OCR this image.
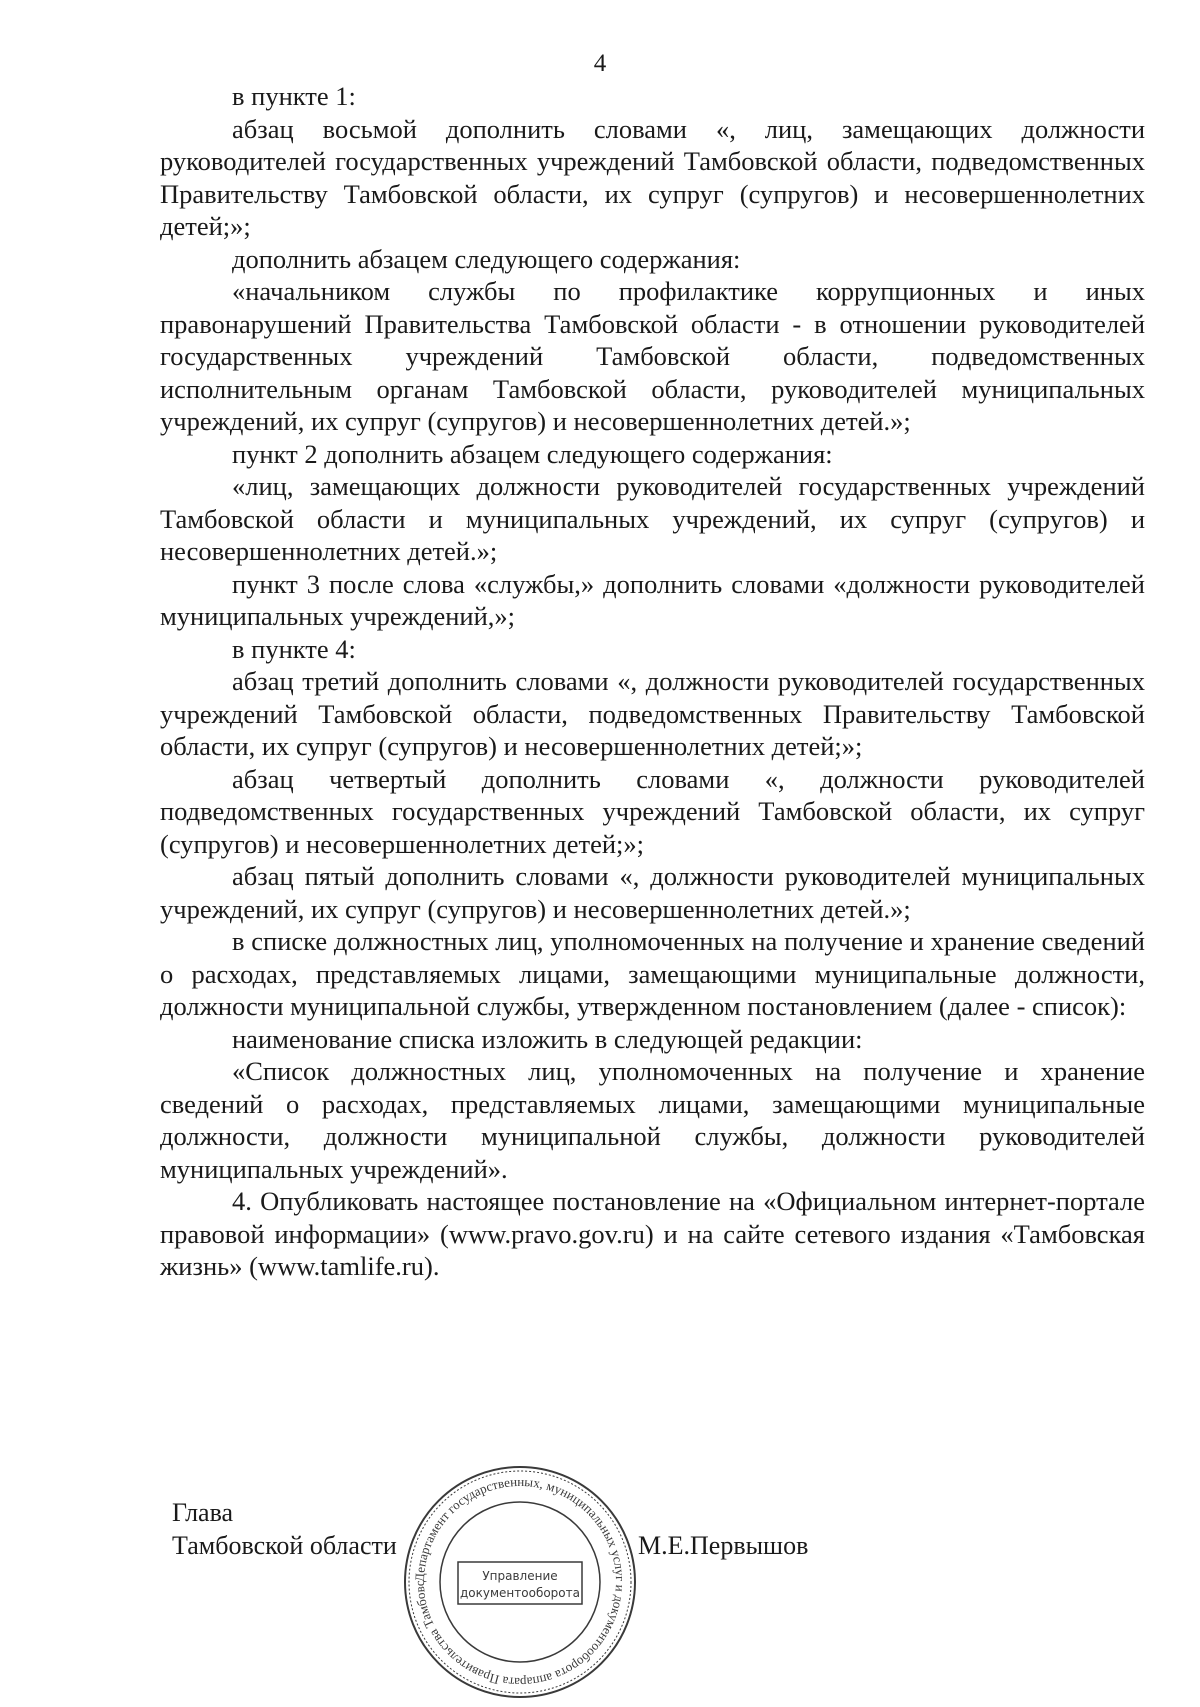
4

в пункте 1:

абзац восьмой дополнить словами «, лиц, замещающих должности руководителей государственных учреждений Тамбовской области, подведомственных Правительству Тамбовской области, их супруг (супругов) и несовершеннолетних детей;»;

дополнить абзацем следующего содержания:

«начальником службы по профилактике коррупционных и иных правонарушений Правительства Тамбовской области - в отношении руководителей государственных учреждений Тамбовской области, подведомственных исполнительным органам Тамбовской области, руководителей муниципальных учреждений, их супруг (супругов) и несовершеннолетних детей.»;

пункт 2 дополнить абзацем следующего содержания:

«лиц, замещающих должности руководителей государственных учреждений Тамбовской области и муниципальных учреждений, их супруг (супругов) и несовершеннолетних детей.»;

пункт 3 после слова «службы,» дополнить словами «должности руководителей муниципальных учреждений,»;

в пункте 4:

абзац третий дополнить словами «, должности руководителей государственных учреждений Тамбовской области, подведомственных Правительству Тамбовской области, их супруг (супругов) и несовершеннолетних детей;»;

абзац четвертый дополнить словами «, должности руководителей подведомственных государственных учреждений Тамбовской области, их супруг (супругов) и несовершеннолетних детей;»;

абзац пятый дополнить словами «, должности руководителей муниципальных учреждений, их супруг (супругов) и несовершеннолетних детей.»;

в списке должностных лиц, уполномоченных на получение и хранение сведений о расходах, представляемых лицами, замещающими муниципальные должности, должности муниципальной службы, утвержденном постановлением (далее - список):

наименование списка изложить в следующей редакции:

«Список должностных лиц, уполномоченных на получение и хранение сведений о расходах, представляемых лицами, замещающими муниципальные должности, должности муниципальной службы, должности руководителей муниципальных учреждений».

4. Опубликовать настоящее постановление на «Официальном интернет-портале правовой информации» (www.pravo.gov.ru) и на сайте сетевого издания «Тамбовская жизнь» (www.tamlife.ru).

Глава
Тамбовской области	М.Е.Первышов
Департамент государственных, муниципальных услуг и документооборота аппарата Правительства Тамбовс
Управление
документооборота
